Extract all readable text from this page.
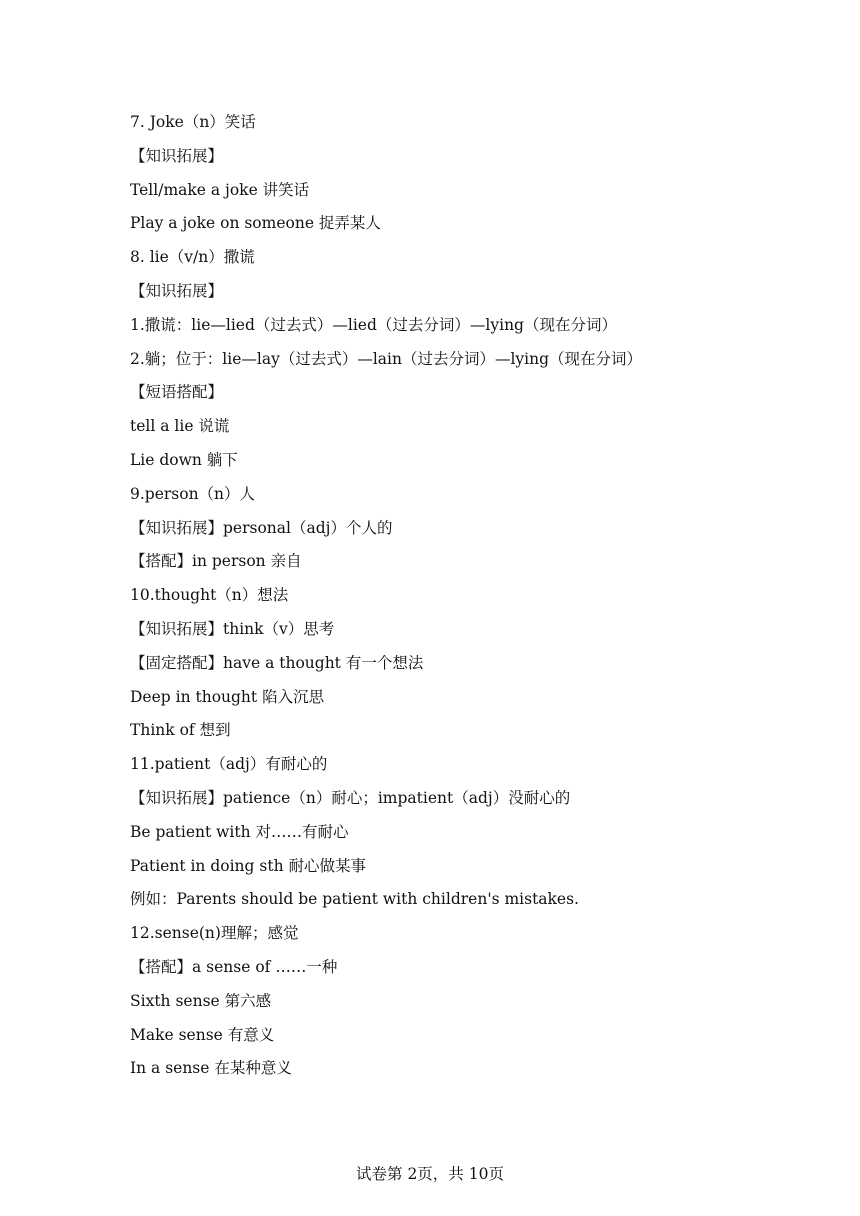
7. Joke（n）笑话
【知识拓展】
Tell/make a joke 讲笑话
Play a joke on someone 捉弄某人
8. lie（v/n）撒谎
【知识拓展】
1.撒谎：lie—lied（过去式）—lied（过去分词）—lying（现在分词）
2.躺；位于：lie—lay（过去式）—lain（过去分词）—lying（现在分词）
【短语搭配】
tell a lie 说谎
Lie down 躺下
9.person（n）人
【知识拓展】personal（adj）个人的
【搭配】in person 亲自
10.thought（n）想法
【知识拓展】think（v）思考
【固定搭配】have a thought 有一个想法
Deep in thought 陷入沉思
Think of 想到
11.patient（adj）有耐心的
【知识拓展】patience（n）耐心；impatient（adj）没耐心的
Be patient with 对……有耐心
Patient in doing sth 耐心做某事
例如：Parents should be patient with children's mistakes.
12.sense(n)理解；感觉
【搭配】a sense of ……一种
Sixth sense 第六感
Make sense 有意义
In a sense 在某种意义
试卷第 2页，共 10页
